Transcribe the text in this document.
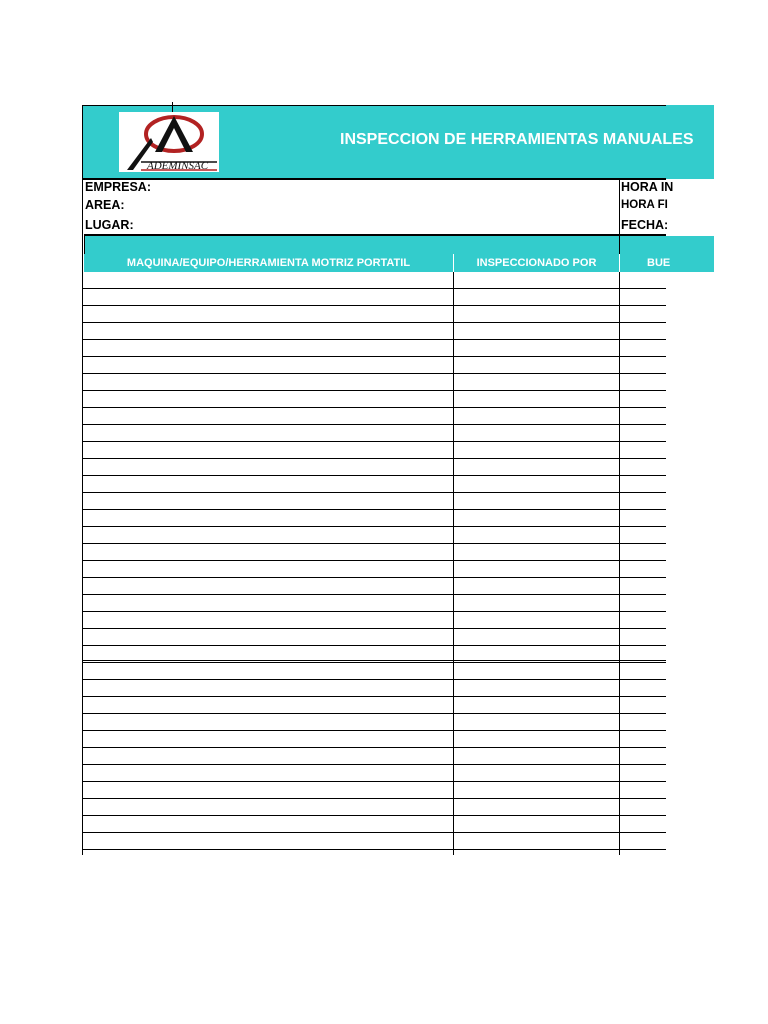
ADEMINSAC
INSPECCION DE HERRAMIENTAS MANUALES
EMPRESA:
AREA:
LUGAR:
HORA IN
HORA FI
FECHA:
MAQUINA/EQUIPO/HERRAMIENTA MOTRIZ PORTATIL	INSPECCIONADO POR	BUE
